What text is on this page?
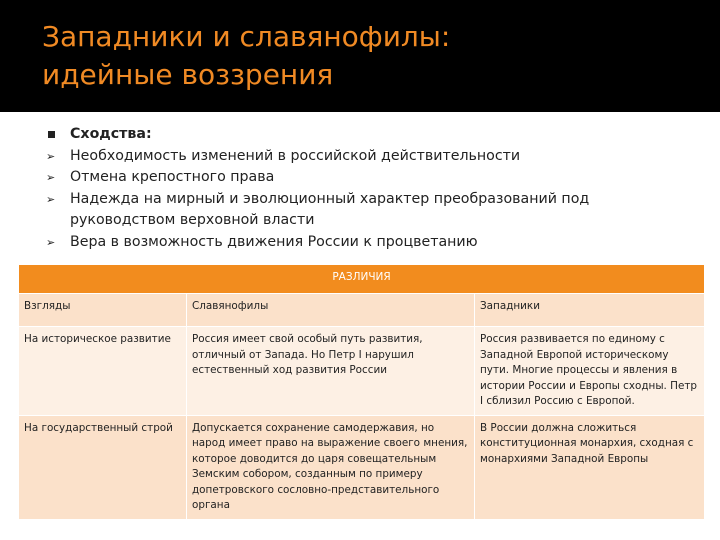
Западники и славянофилы:
идейные воззрения
Сходства:
➢ Необходимость изменений в российской действительности
➢ Отмена крепостного права
➢ Надежда на мирный и эволюционный характер преобразований под руководством верховной власти
➢ Вера в возможность движения России к процветанию
РАЗЛИЧИЯ		
Взгляды	Славянофилы	Западники
На историческое развитие	Россия имеет свой особый путь развития, отличный от Запада. Но Петр I нарушил естественный ход развития России	Россия развивается по единому с Западной Европой историческому пути. Многие процессы и явления в истории России и Европы сходны. Петр I сблизил Россию с Европой.
На государственный строй	Допускается сохранение самодержавия, но народ имеет право на выражение своего мнения, которое доводится до царя совещательным Земским собором, созданным по примеру допетровского сословно-представительного органа	В России должна сложиться конституционная монархия, сходная с монархиями Западной Европы
